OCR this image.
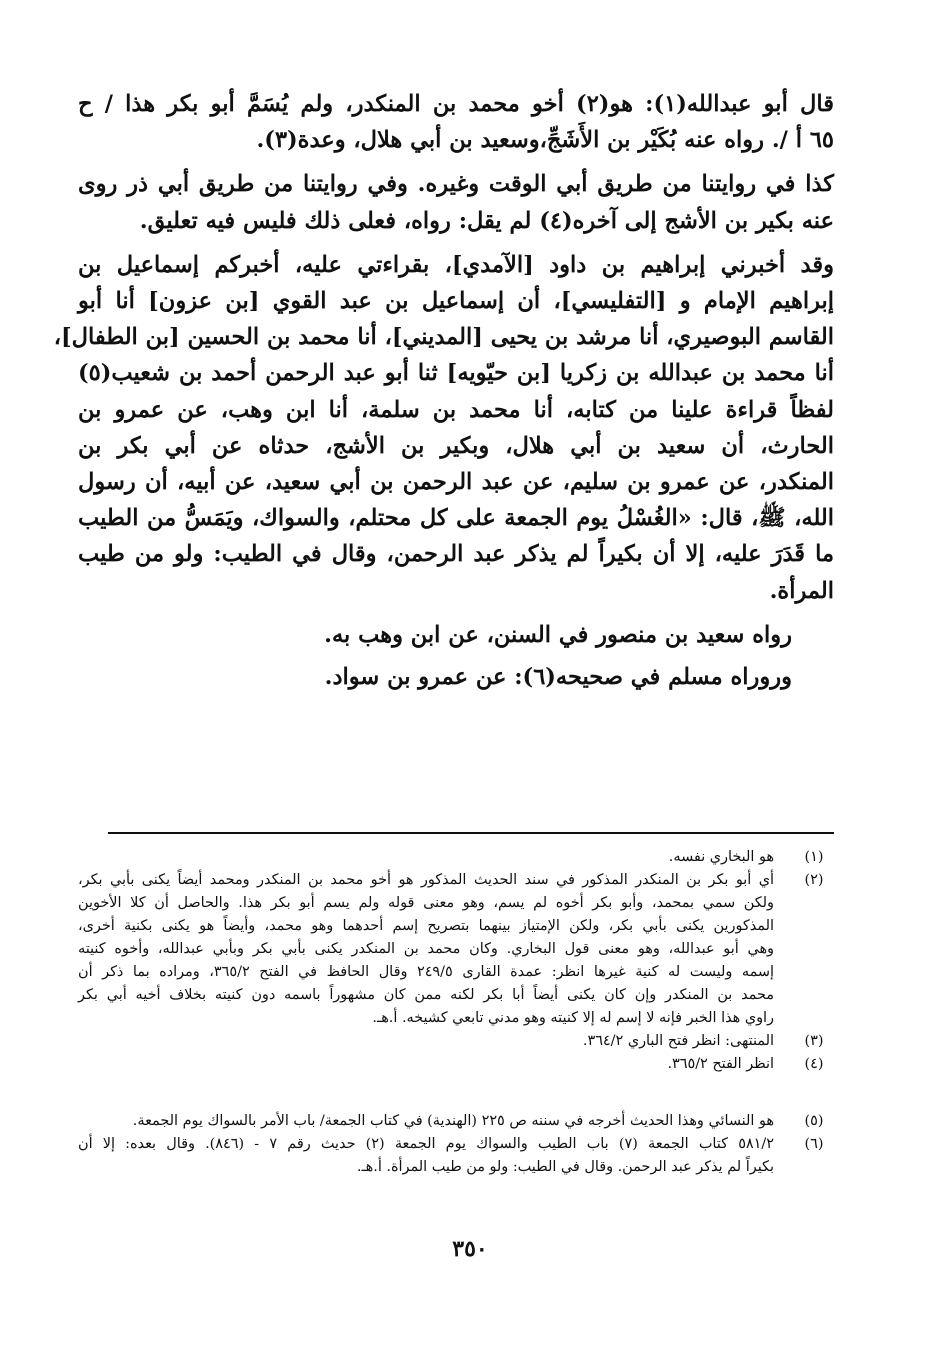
قال أبو عبدالله(١): هو(٢) أخو محمد بن المنكدر، ولم يُسَمَّ أبو بكر هذا / ح
٦٥ أ /. رواه عنه بُكَيْر بن الأَشَجِّ،وسعيد بن أبي هلال، وعدة(٣).

كذا في روايتنا من طريق أبي الوقت وغيره. وفي روايتنا من طريق أبي ذر روى
عنه بكير بن الأشج إلى آخره(٤) لم يقل: رواه، فعلى ذلك فليس فيه تعليق.

وقد أخبرني إبراهيم بن داود [الآمدي]، بقراءتي عليه، أخبركم إسماعيل بن
إبراهيم الإمام و [التفليسي]، أن إسماعيل بن عبد القوي [بن عزون] أنا أبو
القاسم البوصيري، أنا مرشد بن يحيى [المديني]، أنا محمد بن الحسين [بن الطفال]،
أنا محمد بن عبدالله بن زكريا [بن حيّويه] ثنا أبو عبد الرحمن أحمد بن شعيب(٥)
لفظاً قراءة علينا من كتابه، أنا محمد بن سلمة، أنا ابن وهب، عن عمرو بن
الحارث، أن سعيد بن أبي هلال، وبكير بن الأشج، حدثاه عن أبي بكر بن
المنكدر، عن عمرو بن سليم، عن عبد الرحمن بن أبي سعيد، عن أبيه، أن رسول
الله، ﷺ، قال: «الغُسْلُ يوم الجمعة على كل محتلم، والسواك، ويَمَسُّ من الطيب
ما قَدَرَ عليه، إلا أن بكيراً لم يذكر عبد الرحمن، وقال في الطيب: ولو من طيب
المرأة.

رواه سعيد بن منصور في السنن، عن ابن وهب به.

وروراه مسلم في صحيحه(٦): عن عمرو بن سواد.

(١)
هو البخاري نفسه.
(٢)
أي أبو بكر بن المنكدر المذكور في سند الحديث المذكور هو أخو محمد بن المنكدر ومحمد أيضاً يكنى بأبي بكر،
ولكن سمي بمحمد، وأبو بكر أخوه لم يسم، وهو معنى قوله ولم يسم أبو بكر هذا. والحاصل أن كلا الأخوين
المذكورين يكنى بأبي بكر، ولكن الإمتياز بينهما بتصريح إسم أحدهما وهو محمد، وأيضاً هو يكنى بكنية أخرى،
وهي أبو عبدالله، وهو معنى قول البخاري. وكان محمد بن المنكدر يكنى بأبي بكر وبأبي عبدالله، وأخوه كنيته
إسمه وليست له كنية غيرها انظر: عمدة القارى ٢٤٩/٥ وقال الحافظ في الفتح ٣٦٥/٢، ومراده بما ذكر أن
محمد بن المنكدر وإن كان يكنى أيضاً أبا بكر لكنه ممن كان مشهوراً باسمه دون كنيته بخلاف أخيه أبي بكر
راوي هذا الخبر فإنه لا إسم له إلا كنيته وهو مدني تابعي كشيخه. أ.هـ.
(٣)
المنتهى: انظر فتح الباري ٣٦٤/٢.
(٤)
انظر الفتح ٣٦٥/٢.
(٥)
هو النسائي وهذا الحديث أخرجه في سننه ص ٢٢٥ (الهندية) في كتاب الجمعة/ باب الأمر بالسواك يوم الجمعة.
(٦)
٥٨١/٢ كتاب الجمعة (٧) باب الطيب والسواك يوم الجمعة (٢) حديث رقم ٧ - (٨٤٦). وقال بعده: إلا أن
بكيراً لم يذكر عبد الرحمن. وقال في الطيب: ولو من طيب المرأة. أ.هـ.
٣٥٠
